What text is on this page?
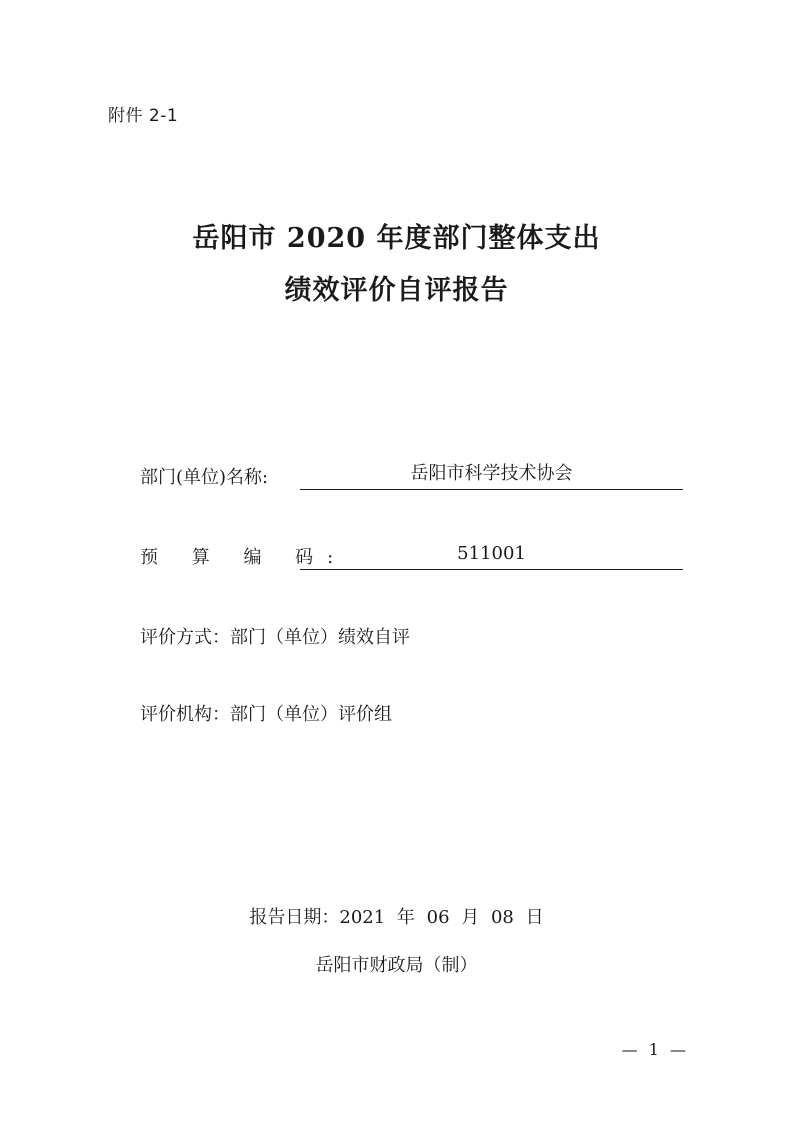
附件 2-1
岳阳市 2020 年度部门整体支出
绩效评价自评报告
部门(单位)名称:	岳阳市科学技术协会
预 算 编 码:	511001
评价方式：部门（单位）绩效自评
评价机构：部门（单位）评价组
报告日期：2021 年 06 月 08 日
岳阳市财政局（制）
— 1 —
